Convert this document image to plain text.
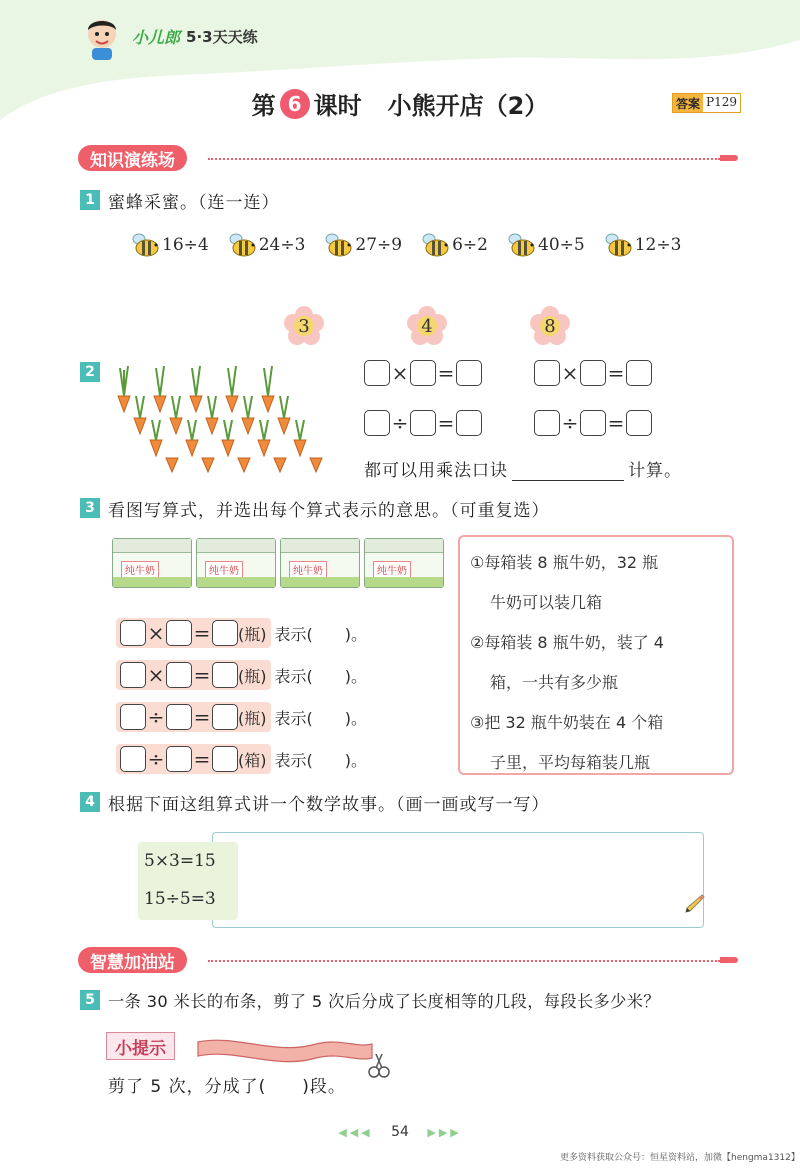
小儿郎 5·3天天练
第 6 课时 小熊开店（2）	答案 P129
知识演练场
1 蜜蜂采蜜。（连一连）
16÷4	24÷3	27÷9	6÷2	40÷5	12÷3
3	4	8
2	× =	× =
÷ =	÷ =
都可以用乘法口诀	计算。
3 看图写算式，并选出每个算式表示的意思。（可重复选）
纯牛奶	纯牛奶	纯牛奶	纯牛奶
× = (瓶) 表示(　　)。
× = (瓶) 表示(　　)。
÷ = (瓶) 表示(　　)。
÷ = (箱) 表示(　　)。
①每箱装 8 瓶牛奶，32 瓶
牛奶可以装几箱
②每箱装 8 瓶牛奶，装了 4
箱，一共有多少瓶
③把 32 瓶牛奶装在 4 个箱
子里，平均每箱装几瓶
4 根据下面这组算式讲一个数学故事。（画一画或写一写）
5×3=15
15÷5=3
智慧加油站
5 一条 30 米长的布条，剪了 5 次后分成了长度相等的几段，每段长多少米？
小提示
剪了 5 次，分成了(　　)段。
◀◀◀ 54 ▶▶▶
更多资料获取公众号：恒星资料站，加微【hengma1312】
